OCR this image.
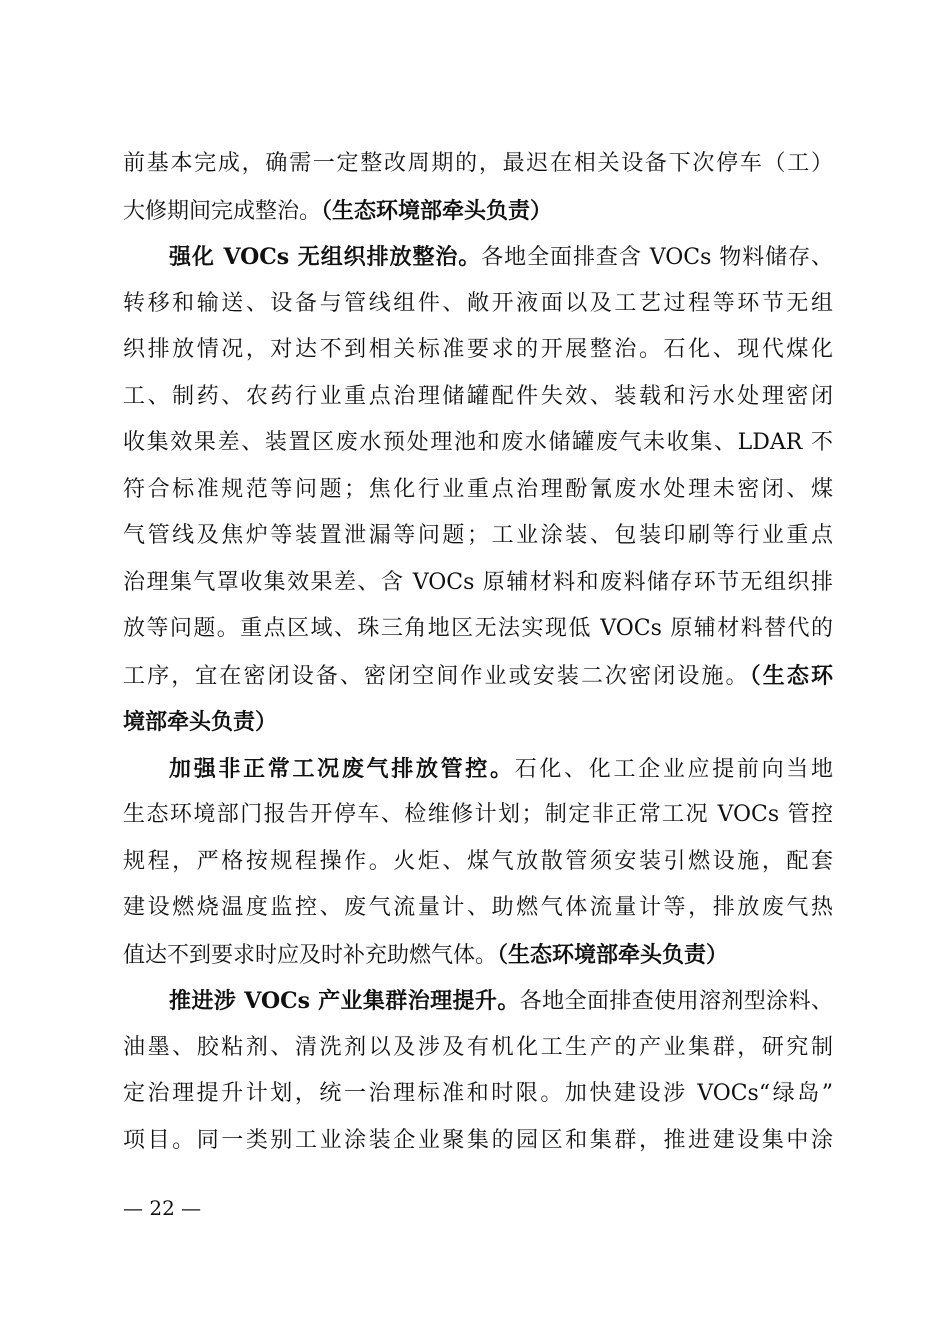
前基本完成，确需一定整改周期的，最迟在相关设备下次停车（工）
大修期间完成整治。（生态环境部牵头负责）
强化 VOCs 无组织排放整治。各地全面排查含 VOCs 物料储存、
转移和输送、设备与管线组件、敞开液面以及工艺过程等环节无组
织排放情况，对达不到相关标准要求的开展整治。石化、现代煤化
工、制药、农药行业重点治理储罐配件失效、装载和污水处理密闭
收集效果差、装置区废水预处理池和废水储罐废气未收集、LDAR 不
符合标准规范等问题；焦化行业重点治理酚氰废水处理未密闭、煤
气管线及焦炉等装置泄漏等问题；工业涂装、包装印刷等行业重点
治理集气罩收集效果差、含 VOCs 原辅材料和废料储存环节无组织排
放等问题。重点区域、珠三角地区无法实现低 VOCs 原辅材料替代的
工序，宜在密闭设备、密闭空间作业或安装二次密闭设施。（生态环
境部牵头负责）
加强非正常工况废气排放管控。石化、化工企业应提前向当地
生态环境部门报告开停车、检维修计划；制定非正常工况 VOCs 管控
规程，严格按规程操作。火炬、煤气放散管须安装引燃设施，配套
建设燃烧温度监控、废气流量计、助燃气体流量计等，排放废气热
值达不到要求时应及时补充助燃气体。（生态环境部牵头负责）
推进涉 VOCs 产业集群治理提升。各地全面排查使用溶剂型涂料、
油墨、胶粘剂、清洗剂以及涉及有机化工生产的产业集群，研究制
定治理提升计划，统一治理标准和时限。加快建设涉 VOCs“绿岛”
项目。同一类别工业涂装企业聚集的园区和集群，推进建设集中涂
— 22 —
